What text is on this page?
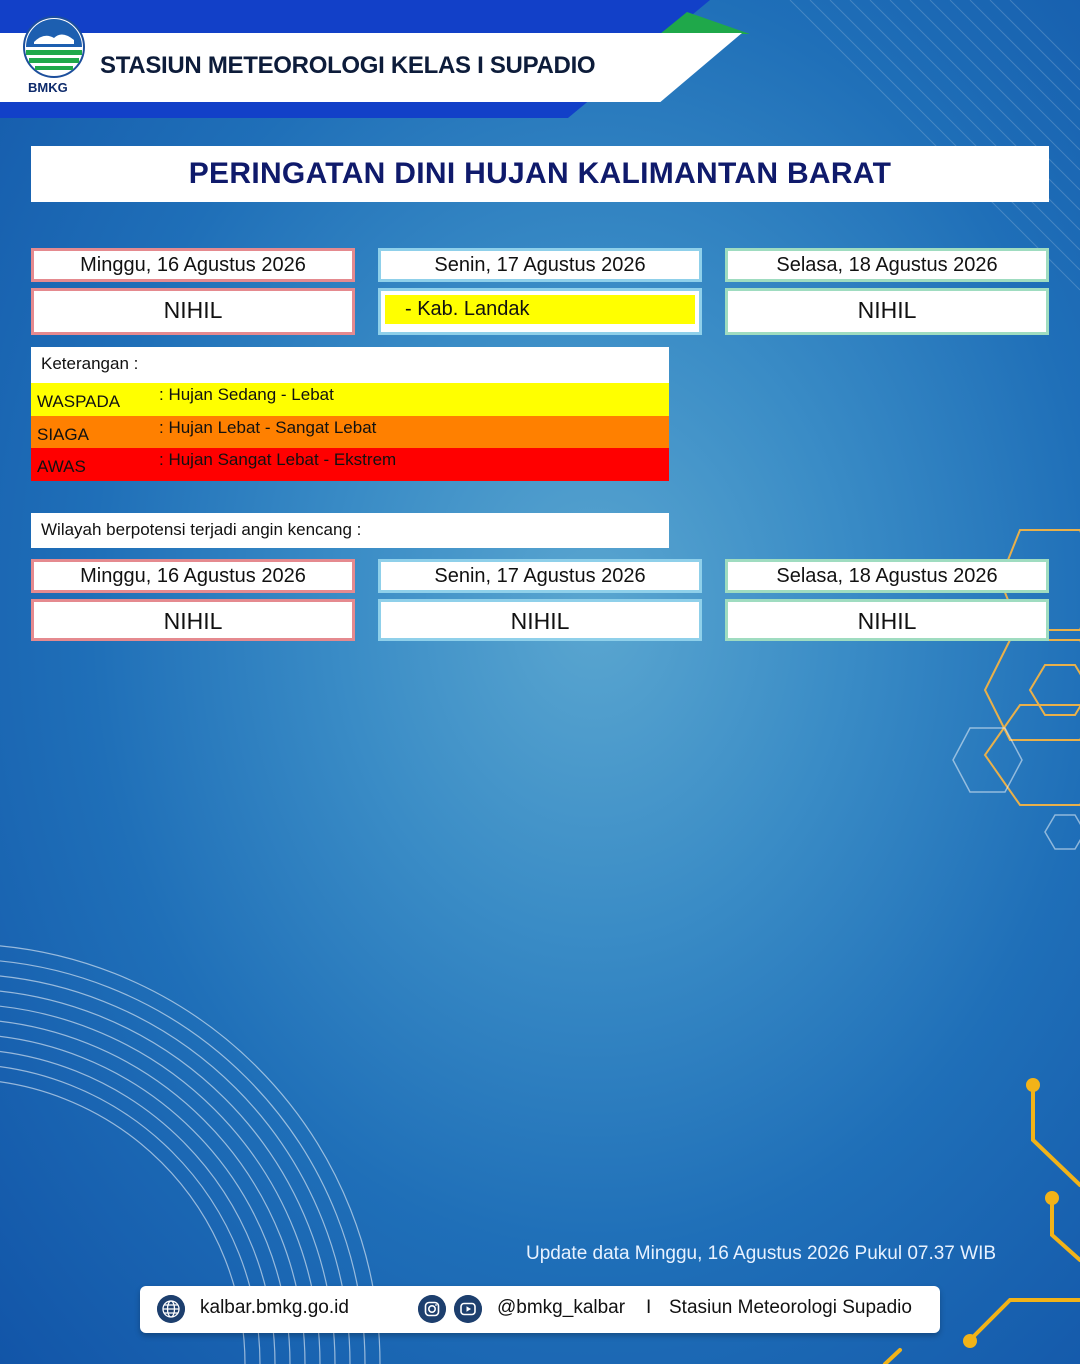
BMKG
STASIUN METEOROLOGI KELAS I SUPADIO
PERINGATAN DINI HUJAN KALIMANTAN BARAT
Minggu, 16 Agustus 2026	Senin, 17 Agustus 2026	Selasa, 18 Agustus 2026
NIHIL	- Kab. Landak	NIHIL
Keterangan :
WASPADA : Hujan Sedang - Lebat
SIAGA	: Hujan Lebat - Sangat Lebat
AWAS	: Hujan Sangat Lebat - Ekstrem
Wilayah berpotensi terjadi angin kencang :
Minggu, 16 Agustus 2026	Senin, 17 Agustus 2026	Selasa, 18 Agustus 2026
NIHIL	NIHIL	NIHIL
Update data Minggu, 16 Agustus 2026 Pukul 07.37 WIB
kalbar.bmkg.go.id	@bmkg_kalbar I Stasiun Meteorologi Supadio
